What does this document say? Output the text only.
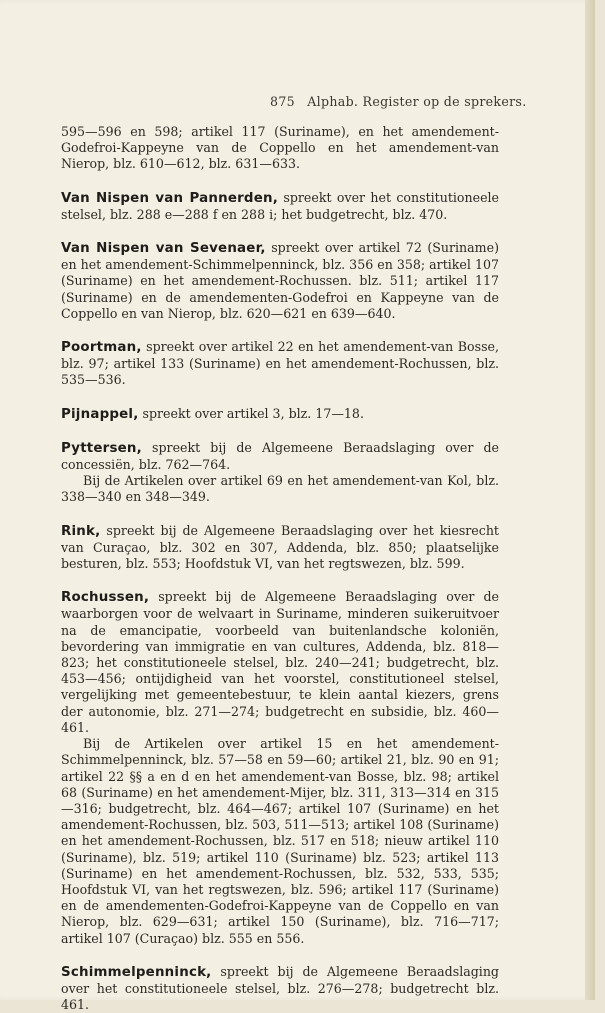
875 Alphab. Register op de sprekers.

595—596 en 598; artikel 117 (Suriname), en het amendement-Godefroi-Kappeyne van de Coppello en het amendement-van Nierop, blz. 610—612, blz. 631—633.

Van Nispen van Pannerden, spreekt over het constitutioneele stelsel, blz. 288 e—288 f en 288 i; het budgetrecht, blz. 470.

Van Nispen van Sevenaer, spreekt over artikel 72 (Suriname) en het amendement-Schimmelpenninck, blz. 356 en 358; artikel 107 (Suriname) en het amendement-Rochussen. blz. 511; artikel 117 (Suriname) en de amendementen-Godefroi en Kappeyne van de Coppello en van Nierop, blz. 620—621 en 639—640.

Poortman, spreekt over artikel 22 en het amendement-van Bosse, blz. 97; artikel 133 (Suriname) en het amendement-Rochussen, blz. 535—536.

Pijnappel, spreekt over artikel 3, blz. 17—18.

Pyttersen, spreekt bij de Algemeene Beraadslaging over de concessiën, blz. 762—764.

Bij de Artikelen over artikel 69 en het amendement-van Kol, blz. 338—340 en 348—349.

Rink, spreekt bij de Algemeene Beraadslaging over het kiesrecht van Curaçao, blz. 302 en 307, Addenda, blz. 850; plaatselijke besturen, blz. 553; Hoofdstuk VI, van het regtswezen, blz. 599.

Rochussen, spreekt bij de Algemeene Beraadslaging over de waarborgen voor de welvaart in Suriname, minderen suikeruitvoer na de emancipatie, voorbeeld van buitenlandsche koloniën, bevordering van immigratie en van cultures, Addenda, blz. 818—823; het constitutioneele stelsel, blz. 240—241; budgetrecht, blz. 453—456; ontijdigheid van het voorstel, constitutioneel stelsel, vergelijking met gemeentebestuur, te klein aantal kiezers, grens der autonomie, blz. 271—274; budgetrecht en subsidie, blz. 460—461.

Bij de Artikelen over artikel 15 en het amendement-Schimmelpenninck, blz. 57—58 en 59—60; artikel 21, blz. 90 en 91; artikel 22 §§ a en d en het amendement-van Bosse, blz. 98; artikel 68 (Suriname) en het amendement-Mijer, blz. 311, 313—314 en 315—316; budgetrecht, blz. 464—467; artikel 107 (Suriname) en het amendement-Rochussen, blz. 503, 511—513; artikel 108 (Suriname) en het amendement-Rochussen, blz. 517 en 518; nieuw artikel 110 (Suriname), blz. 519; artikel 110 (Suriname) blz. 523; artikel 113 (Suriname) en het amendement-Rochussen, blz. 532, 533, 535; Hoofdstuk VI, van het regtswezen, blz. 596; artikel 117 (Suriname) en de amendementen-Godefroi-Kappeyne van de Coppello en van Nierop, blz. 629—631; artikel 150 (Suriname), blz. 716—717; artikel 107 (Curaçao) blz. 555 en 556.

Schimmelpenninck, spreekt bij de Algemeene Beraadslaging over het constitutioneele stelsel, blz. 276—278; budgetrecht blz. 461.
